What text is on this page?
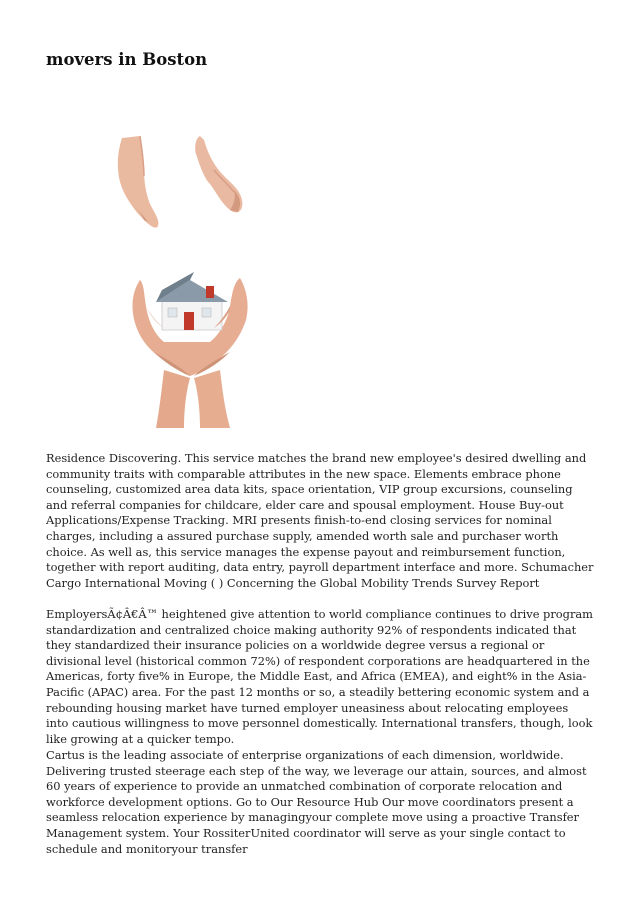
movers in Boston

Residence Discovering. This service matches the brand new employee's desired dwelling and community traits with comparable attributes in the new space. Elements embrace phone counseling, customized area data kits, space orientation, VIP group excursions, counseling and referral companies for childcare, elder care and spousal employment. House Buy-out Applications/Expense Tracking. MRI presents finish-to-end closing services for nominal charges, including a assured purchase supply, amended worth sale and purchaser worth choice. As well as, this service manages the expense payout and reimbursement function, together with report auditing, data entry, payroll department interface and more. Schumacher Cargo International Moving ( ) Concerning the Global Mobility Trends Survey Report

EmployersÃ¢Â€Â™ heightened give attention to world compliance continues to drive program standardization and centralized choice making authority 92% of respondents indicated that they standardized their insurance policies on a worldwide degree versus a regional or divisional level (historical common 72%) of respondent corporations are headquartered in the Americas, forty five% in Europe, the Middle East, and Africa (EMEA), and eight% in the Asia-Pacific (APAC) area. For the past 12 months or so, a steadily bettering economic system and a rebounding housing market have turned employer uneasiness about relocating employees into cautious willingness to move personnel domestically. International transfers, though, look like growing at a quicker tempo.

Cartus is the leading associate of enterprise organizations of each dimension, worldwide. Delivering trusted steerage each step of the way, we leverage our attain, sources, and almost 60 years of experience to provide an unmatched combination of corporate relocation and workforce development options. Go to Our Resource Hub Our move coordinators present a seamless relocation experience by managingyour complete move using a proactive Transfer Management system. Your RossiterUnited coordinator will serve as your single contact to schedule and monitoryour transfer
